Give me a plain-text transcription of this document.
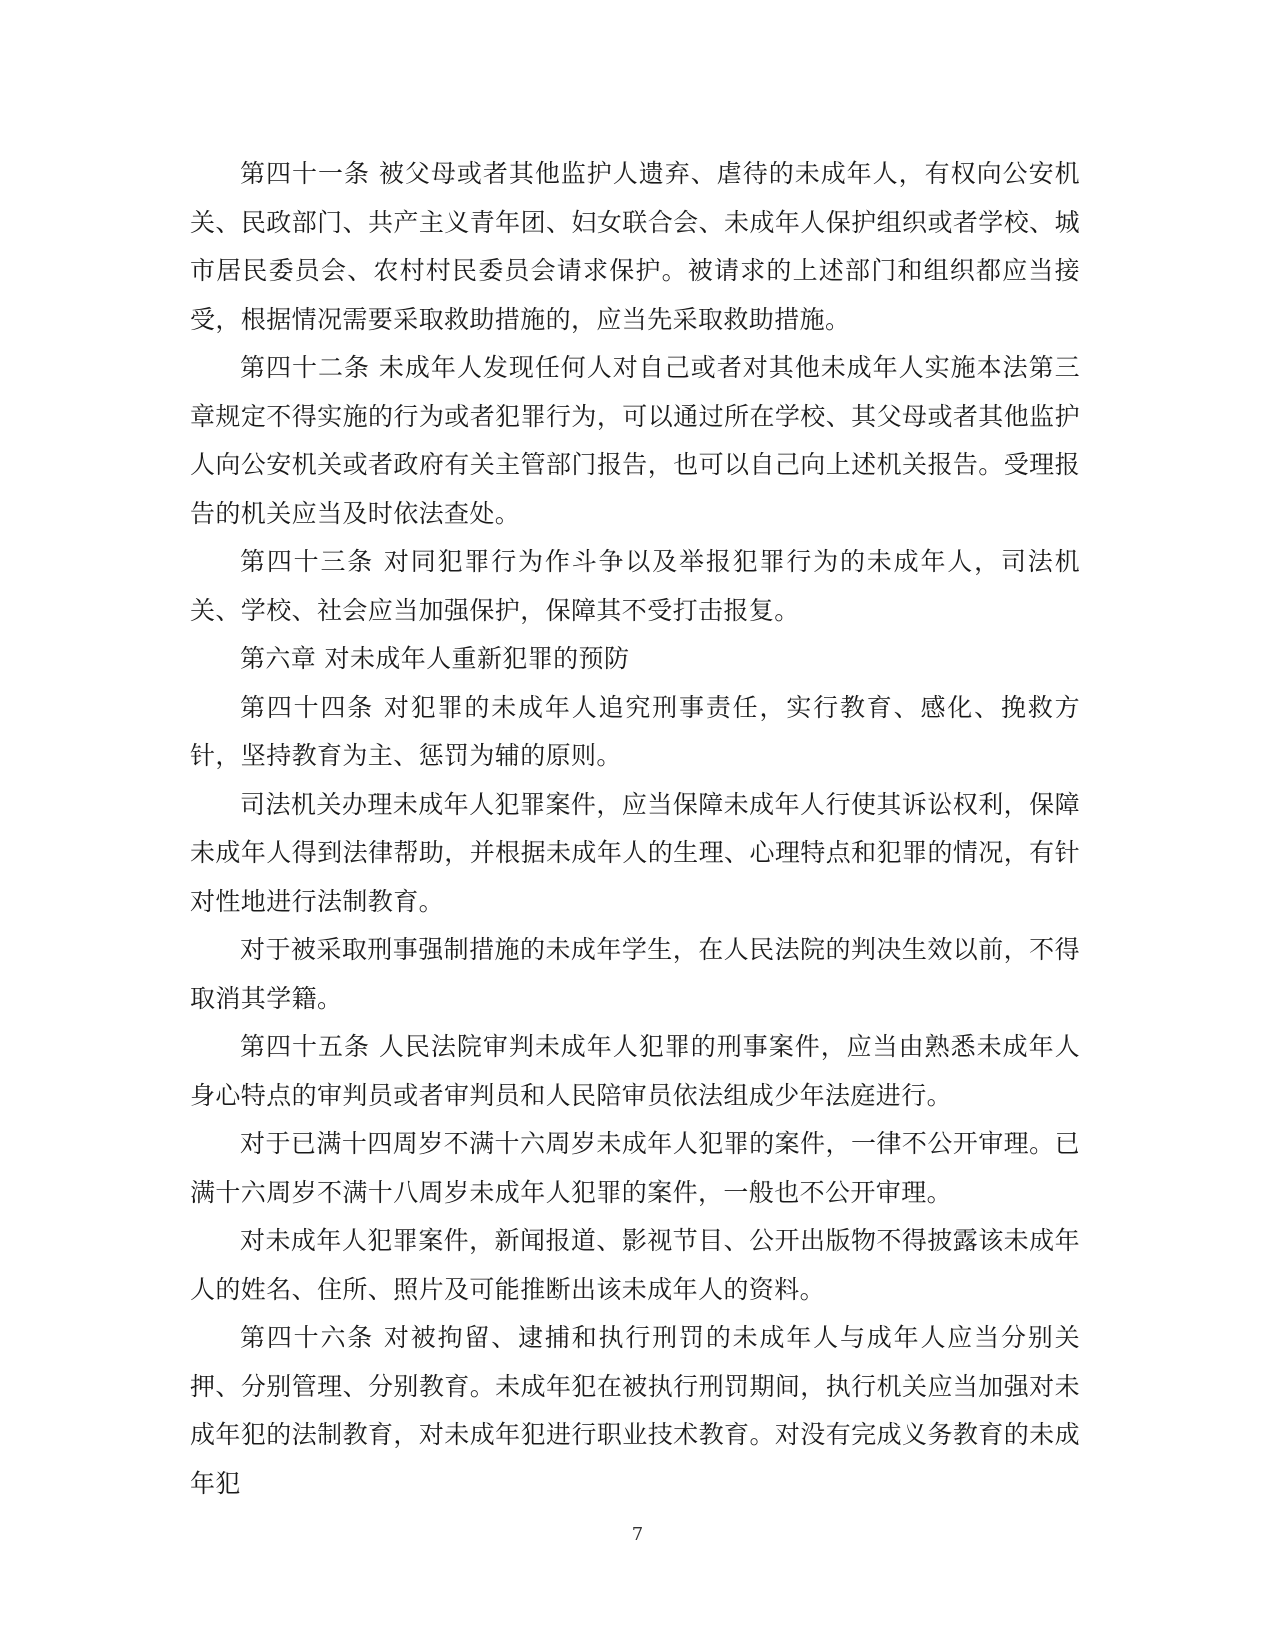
第四十一条 被父母或者其他监护人遗弃、虐待的未成年人，有权向公安机关、民政部门、共产主义青年团、妇女联合会、未成年人保护组织或者学校、城市居民委员会、农村村民委员会请求保护。被请求的上述部门和组织都应当接受，根据情况需要采取救助措施的，应当先采取救助措施。

第四十二条 未成年人发现任何人对自己或者对其他未成年人实施本法第三章规定不得实施的行为或者犯罪行为，可以通过所在学校、其父母或者其他监护人向公安机关或者政府有关主管部门报告，也可以自己向上述机关报告。受理报告的机关应当及时依法查处。

第四十三条 对同犯罪行为作斗争以及举报犯罪行为的未成年人，司法机关、学校、社会应当加强保护，保障其不受打击报复。

第六章 对未成年人重新犯罪的预防

第四十四条 对犯罪的未成年人追究刑事责任，实行教育、感化、挽救方针，坚持教育为主、惩罚为辅的原则。

司法机关办理未成年人犯罪案件，应当保障未成年人行使其诉讼权利，保障未成年人得到法律帮助，并根据未成年人的生理、心理特点和犯罪的情况，有针对性地进行法制教育。

对于被采取刑事强制措施的未成年学生，在人民法院的判决生效以前，不得取消其学籍。

第四十五条 人民法院审判未成年人犯罪的刑事案件，应当由熟悉未成年人身心特点的审判员或者审判员和人民陪审员依法组成少年法庭进行。

对于已满十四周岁不满十六周岁未成年人犯罪的案件，一律不公开审理。已满十六周岁不满十八周岁未成年人犯罪的案件，一般也不公开审理。

对未成年人犯罪案件，新闻报道、影视节目、公开出版物不得披露该未成年人的姓名、住所、照片及可能推断出该未成年人的资料。

第四十六条 对被拘留、逮捕和执行刑罚的未成年人与成年人应当分别关押、分别管理、分别教育。未成年犯在被执行刑罚期间，执行机关应当加强对未成年犯的法制教育，对未成年犯进行职业技术教育。对没有完成义务教育的未成年犯

7
